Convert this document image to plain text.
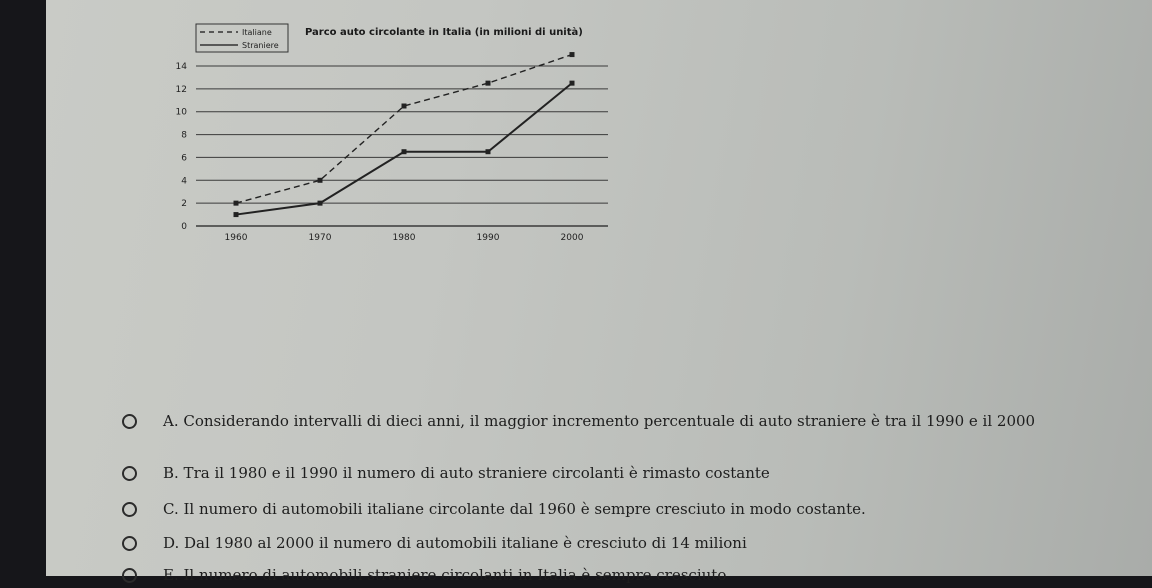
0
2
4
6
8
10
12
14
1960	1970	1980	1990	2000
Italiane
Straniere
Parco auto circolante in Italia (in milioni di unità)
A. Considerando intervalli di dieci anni, il maggior incremento percentuale di auto straniere è tra il 1990 e il 2000
B. Tra il 1980 e il 1990 il numero di auto straniere circolanti è rimasto costante
C. Il numero di automobili italiane circolante dal 1960 è sempre cresciuto in modo costante.
D. Dal 1980 al 2000 il numero di automobili italiane è cresciuto di 14 milioni
E. Il numero di automobili straniere circolanti in Italia è sempre cresciuto
